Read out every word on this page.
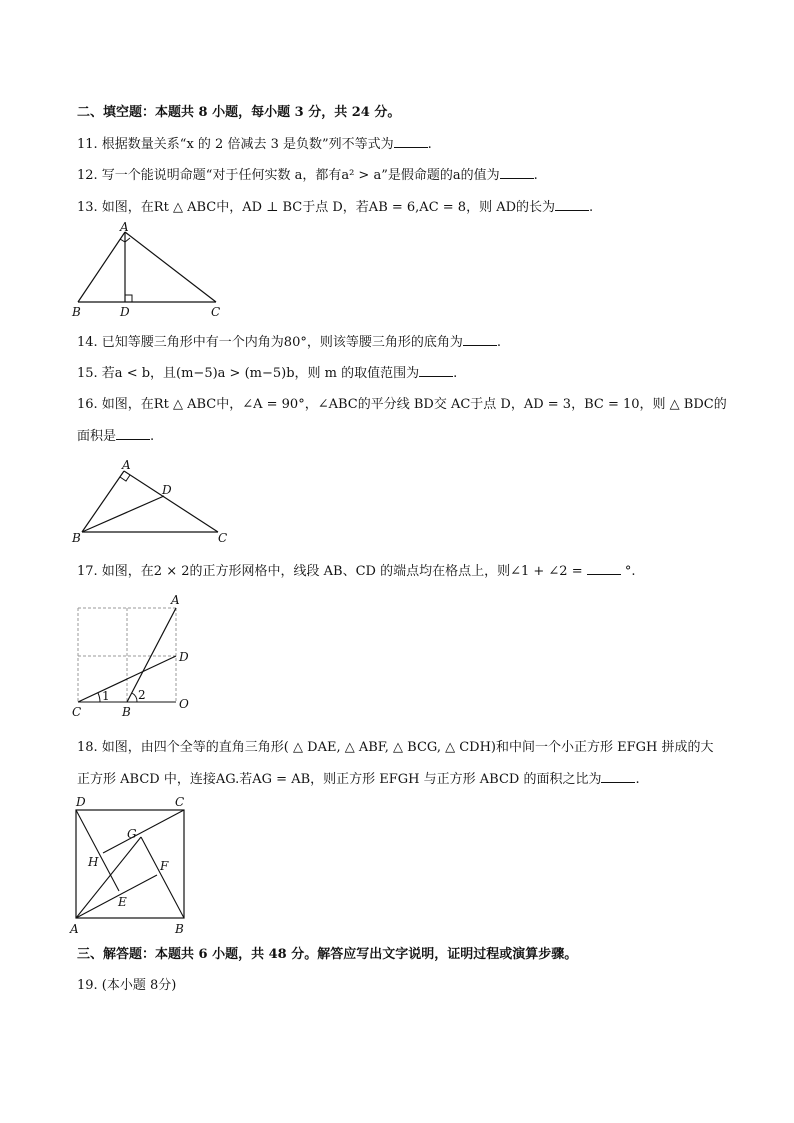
二、填空题：本题共 8 小题，每小题 3 分，共 24 分。
11. 根据数量关系“x 的 2 倍减去 3 是负数”列不等式为	.
12. 写一个能说明命题“对于任何实数 a，都有a² > a”是假命题的a的值为	.
13. 如图，在Rt △ ABC中，AD ⊥ BC于点 D，若AB = 6,AC = 8，则 AD的长为	.
A
B	D	C
14. 已知等腰三角形中有一个内角为80°，则该等腰三角形的底角为	.
15. 若a < b，且(m−5)a > (m−5)b，则 m 的取值范围为	.
16. 如图，在Rt △ ABC中，∠A = 90°，∠ABC的平分线 BD交 AC于点 D，AD = 3，BC = 10，则 △ BDC的
面积是	.
A
D
B	C
17. 如图，在2 × 2的正方形网格中，线段 AB、CD 的端点均在格点上，则∠1 + ∠2 =	°.
A
D
C	B
O
1 2
18. 如图，由四个全等的直角三角形( △ DAE, △ ABF, △ BCG, △ CDH)和中间一个小正方形 EFGH 拼成的大
正方形 ABCD 中，连接AG.若AG = AB，则正方形 EFGH 与正方形 ABCD 的面积之比为	.
D	C
G
H	F
E
A	B
三、解答题：本题共 6 小题，共 48 分。解答应写出文字说明，证明过程或演算步骤。
19. (本小题 8分)
